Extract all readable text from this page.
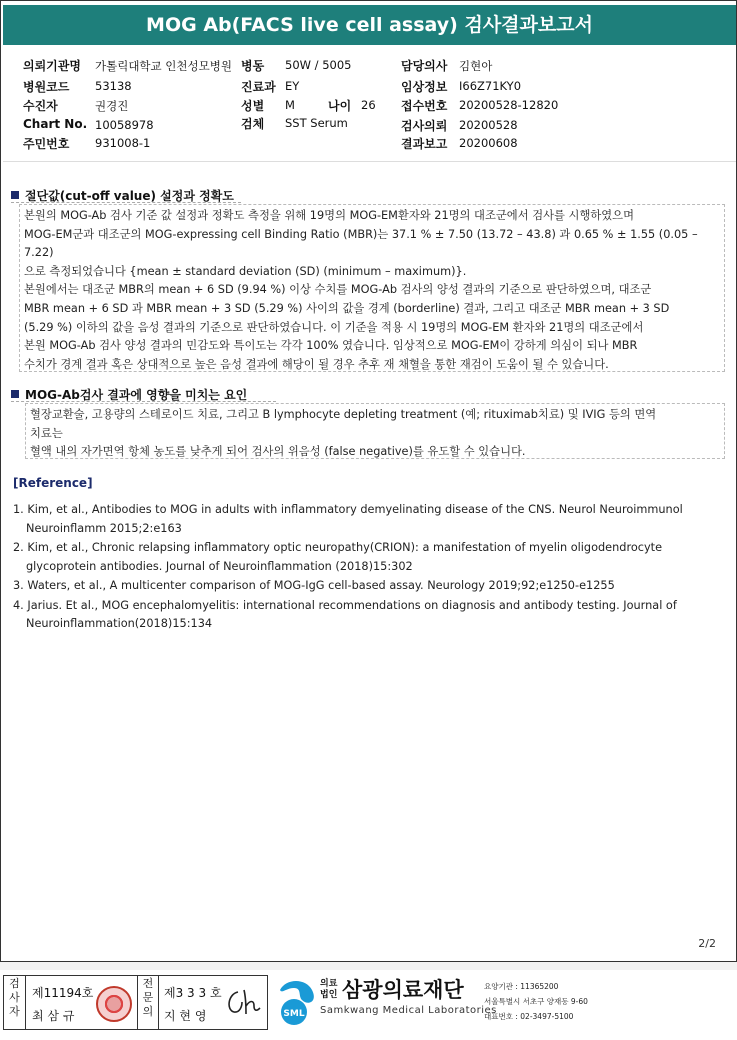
MOG Ab(FACS live cell assay) 검사결과보고서
의뢰기관명 가톨릭대학교 인천성모병원 병동 50W / 5005	담당의사 김현아
병원코드 53138	진료과 EY	임상정보 I66Z71KY0
수진자	권경진	성별 M	나이 26 접수번호 20200528-12820
Chart No. 10058978	검체 SST Serum	검사의뢰 20200528
주민번호 931008-1	결과보고 20200608
절단값(cut-off value) 설정과 정확도

본원의 MOG-Ab 검사 기준 값 설정과 정확도 측정을 위해 19명의 MOG-EM환자와 21명의 대조군에서 검사를 시행하였으며

MOG-EM군과 대조군의 MOG-expressing cell Binding Ratio (MBR)는 37.1 % ± 7.50 (13.72 – 43.8) 과 0.65 % ± 1.55 (0.05 –

7.22)

으로 측정되었습니다 {mean ± standard deviation (SD) (minimum – maximum)}.

본원에서는 대조군 MBR의 mean + 6 SD (9.94 %) 이상 수치를 MOG-Ab 검사의 양성 결과의 기준으로 판단하였으며, 대조군

MBR mean + 6 SD 과 MBR mean + 3 SD (5.29 %) 사이의 값을 경계 (borderline) 결과, 그리고 대조군 MBR mean + 3 SD

(5.29 %) 이하의 값을 음성 결과의 기준으로 판단하였습니다. 이 기준을 적용 시 19명의 MOG-EM 환자와 21명의 대조군에서

본원 MOG-Ab 검사 양성 결과의 민감도와 특이도는 각각 100% 였습니다. 임상적으로 MOG-EM이 강하게 의심이 되나 MBR

수치가 경계 결과 혹은 상대적으로 높은 음성 결과에 해당이 될 경우 추후 재 채혈을 통한 재검이 도움이 될 수 있습니다.

MOG-Ab검사 결과에 영향을 미치는 요인

혈장교환술, 고용량의 스테로이드 치료, 그리고 B lymphocyte depleting treatment (예; rituximab치료) 및 IVIG 등의 면역

치료는

혈액 내의 자가면역 항체 농도를 낮추게 되어 검사의 위음성 (false negative)를 유도할 수 있습니다.

[Reference]
1. Kim, et al., Antibodies to MOG in adults with inflammatory demyelinating disease of the CNS. Neurol Neuroimmunol
Neuroinflamm 2015;2:e163
2. Kim, et al., Chronic relapsing inflammatory optic neuropathy(CRION): a manifestation of myelin oligodendrocyte
glycoprotein antibodies. Journal of Neuroinflammation (2018)15:302
3. Waters, et al., A multicenter comparison of MOG-IgG cell-based assay. Neurology 2019;92;e1250-e1255
4. Jarius. Et al., MOG encephalomyelitis: international recommendations on diagnosis and antibody testing. Journal of
Neuroinflammation(2018)15:134
2/2
검사자
제11194호
최 삼 규
전문의
제3 3 3 호
지 현 영	SML
의료
법인 삼광의료재단
Samkwang Medical Laboratories
요양기관 : 11365200
서울특별시 서초구 양재동 9-60
대표번호 : 02-3497-5100
